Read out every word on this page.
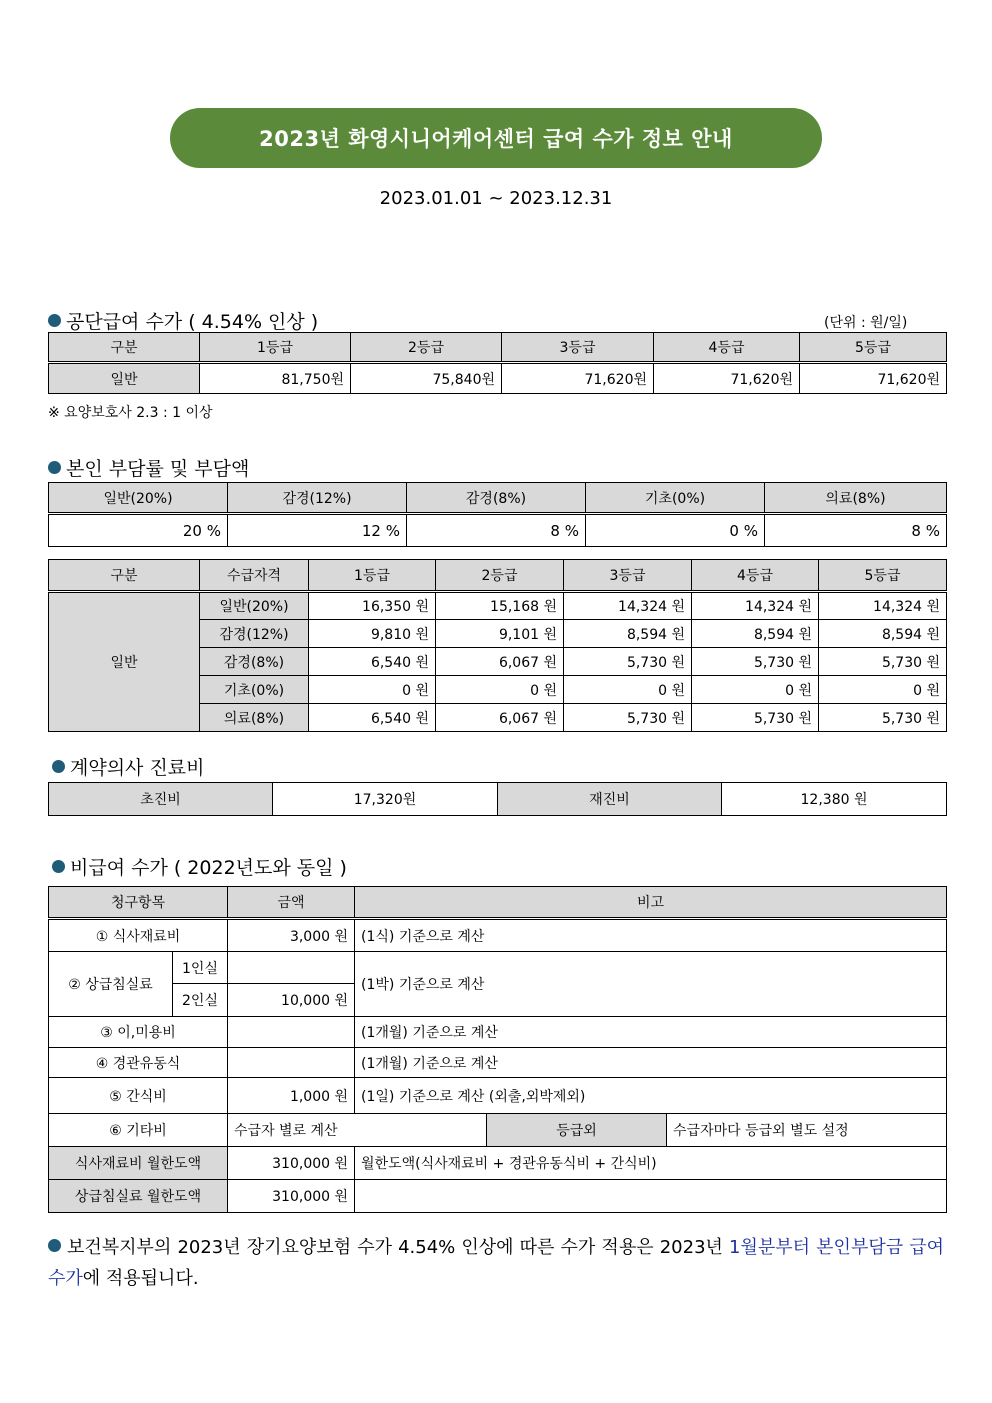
2023년 화영시니어케어센터 급여 수가 정보 안내
2023.01.01 ~ 2023.12.31
공단급여 수가 ( 4.54% 인상 )	(단위 : 원/일)
구분	1등급	2등급	3등급	4등급	5등급
일반	81,750원	75,840원	71,620원	71,620원	71,620원
※ 요양보호사 2.3 : 1 이상
본인 부담률 및 부담액
일반(20%)	감경(12%)	감경(8%)	기초(0%)	의료(8%)
20 %	12 %	8 %	0 %	8 %
구분	수급자격	1등급	2등급	3등급	4등급	5등급
일반	일반(20%)	16,350 원	15,168 원	14,324 원	14,324 원	14,324 원
	감경(12%)	9,810 원	9,101 원	8,594 원	8,594 원	8,594 원
	감경(8%)	6,540 원	6,067 원	5,730 원	5,730 원	5,730 원
	기초(0%)	0 원	0 원	0 원	0 원	0 원
	의료(8%)	6,540 원	6,067 원	5,730 원	5,730 원	5,730 원
계약의사 진료비
초진비	17,320원	재진비	12,380 원
비급여 수가 ( 2022년도와 동일 )
청구항목		금액	비고		
① 식사재료비		3,000 원	(1식) 기준으로 계산		
② 상급침실료	1인실		(1박) 기준으로 계산		
	2인실	10,000 원			
③ 이,미용비			(1개월) 기준으로 계산		
④ 경관유동식			(1개월) 기준으로 계산		
⑤ 간식비		1,000 원	(1일) 기준으로 계산 (외출,외박제외)		
⑥ 기타비		수급자 별로 계산		등급외	수급자마다 등급외 별도 설정
식사재료비 월한도액		310,000 원	월한도액(식사재료비 + 경관유동식비 + 간식비)		
상급침실료 월한도액		310,000 원			
보건복지부의 2023년 장기요양보험 수가 4.54% 인상에 따른 수가 적용은 2023년 1월분부터 본인부담금 급여 수가에 적용됩니다.
